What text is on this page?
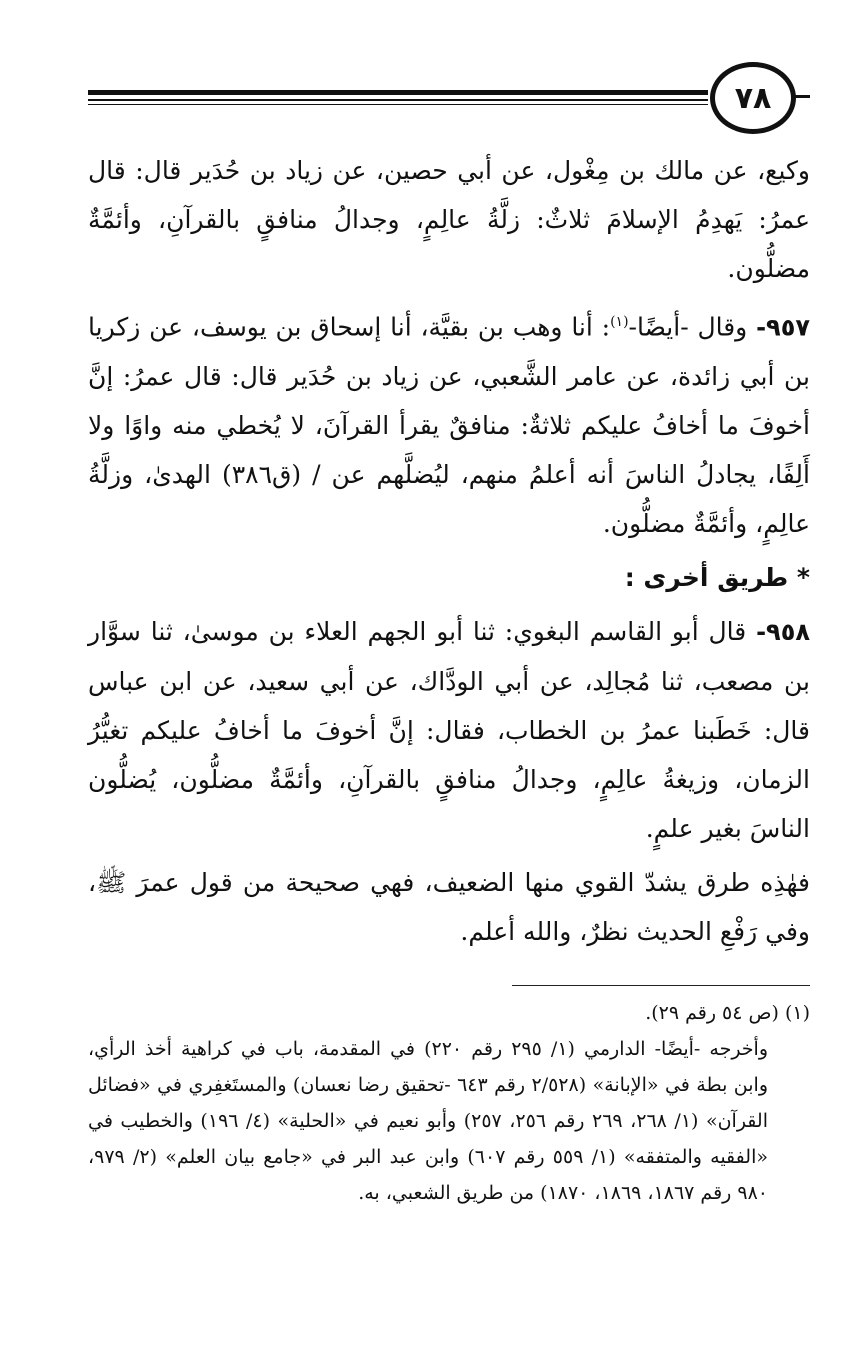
٧٨

وكيع، عن مالك بن مِغْول، عن أبي حصين، عن زياد بن حُدَير قال: قال عمرُ: يَهدِمُ الإسلامَ ثلاثٌ: زلَّةُ عالِمٍ، وجدالُ منافقٍ بالقرآنِ، وأئمَّةٌ مضلُّون.

٩٥٧- وقال -أيضًا-$^{(١)}$: أنا وهب بن بقيَّة، أنا إسحاق بن يوسف، عن زكريا بن أبي زائدة، عن عامر الشَّعبي، عن زياد بن حُدَير قال: قال عمرُ: إنَّ أخوفَ ما أخافُ عليكم ثلاثةٌ: منافقٌ يقرأ القرآنَ، لا يُخطي منه واوًا ولا أَلِفًا، يجادلُ الناسَ أنه أعلمُ منهم، ليُضلَّهم عن / (ق٣٨٦) الهدىٰ، وزلَّةُ عالِمٍ، وأئمَّةٌ مضلُّون.

* طريق أخرى :

٩٥٨- قال أبو القاسم البغوي: ثنا أبو الجهم العلاء بن موسىٰ، ثنا سوَّار بن مصعب، ثنا مُجالِد، عن أبي الودَّاك، عن أبي سعيد، عن ابن عباس قال: خَطَبنا عمرُ بن الخطاب، فقال: إنَّ أخوفَ ما أخافُ عليكم تغيُّرُ الزمان، وزيغةُ عالِمٍ، وجدالُ منافقٍ بالقرآنِ، وأئمَّةٌ مضلُّون، يُضلُّون الناسَ بغير علمٍ.

فهٰذِه طرق يشدّ القوي منها الضعيف، فهي صحيحة من قول عمرَ ﷺ، وفي رَفْعِ الحديث نظرٌ، والله أعلم.

(١) (ص ٥٤ رقم ٢٩).

وأخرجه -أيضًا- الدارمي (١/ ٢٩٥ رقم ٢٢٠) في المقدمة، باب في كراهية أخذ الرأي، وابن بطة في «الإبانة» (٢/٥٢٨ رقم ٦٤٣ -تحقيق رضا نعسان) والمستَغفِري في «فضائل القرآن» (١/ ٢٦٨، ٢٦٩ رقم ٢٥٦، ٢٥٧) وأبو نعيم في «الحلية» (٤/ ١٩٦) والخطيب في «الفقيه والمتفقه» (١/ ٥٥٩ رقم ٦٠٧) وابن عبد البر في «جامع بيان العلم» (٢/ ٩٧٩، ٩٨٠ رقم ١٨٦٧، ١٨٦٩، ١٨٧٠) من طريق الشعبي، به.
